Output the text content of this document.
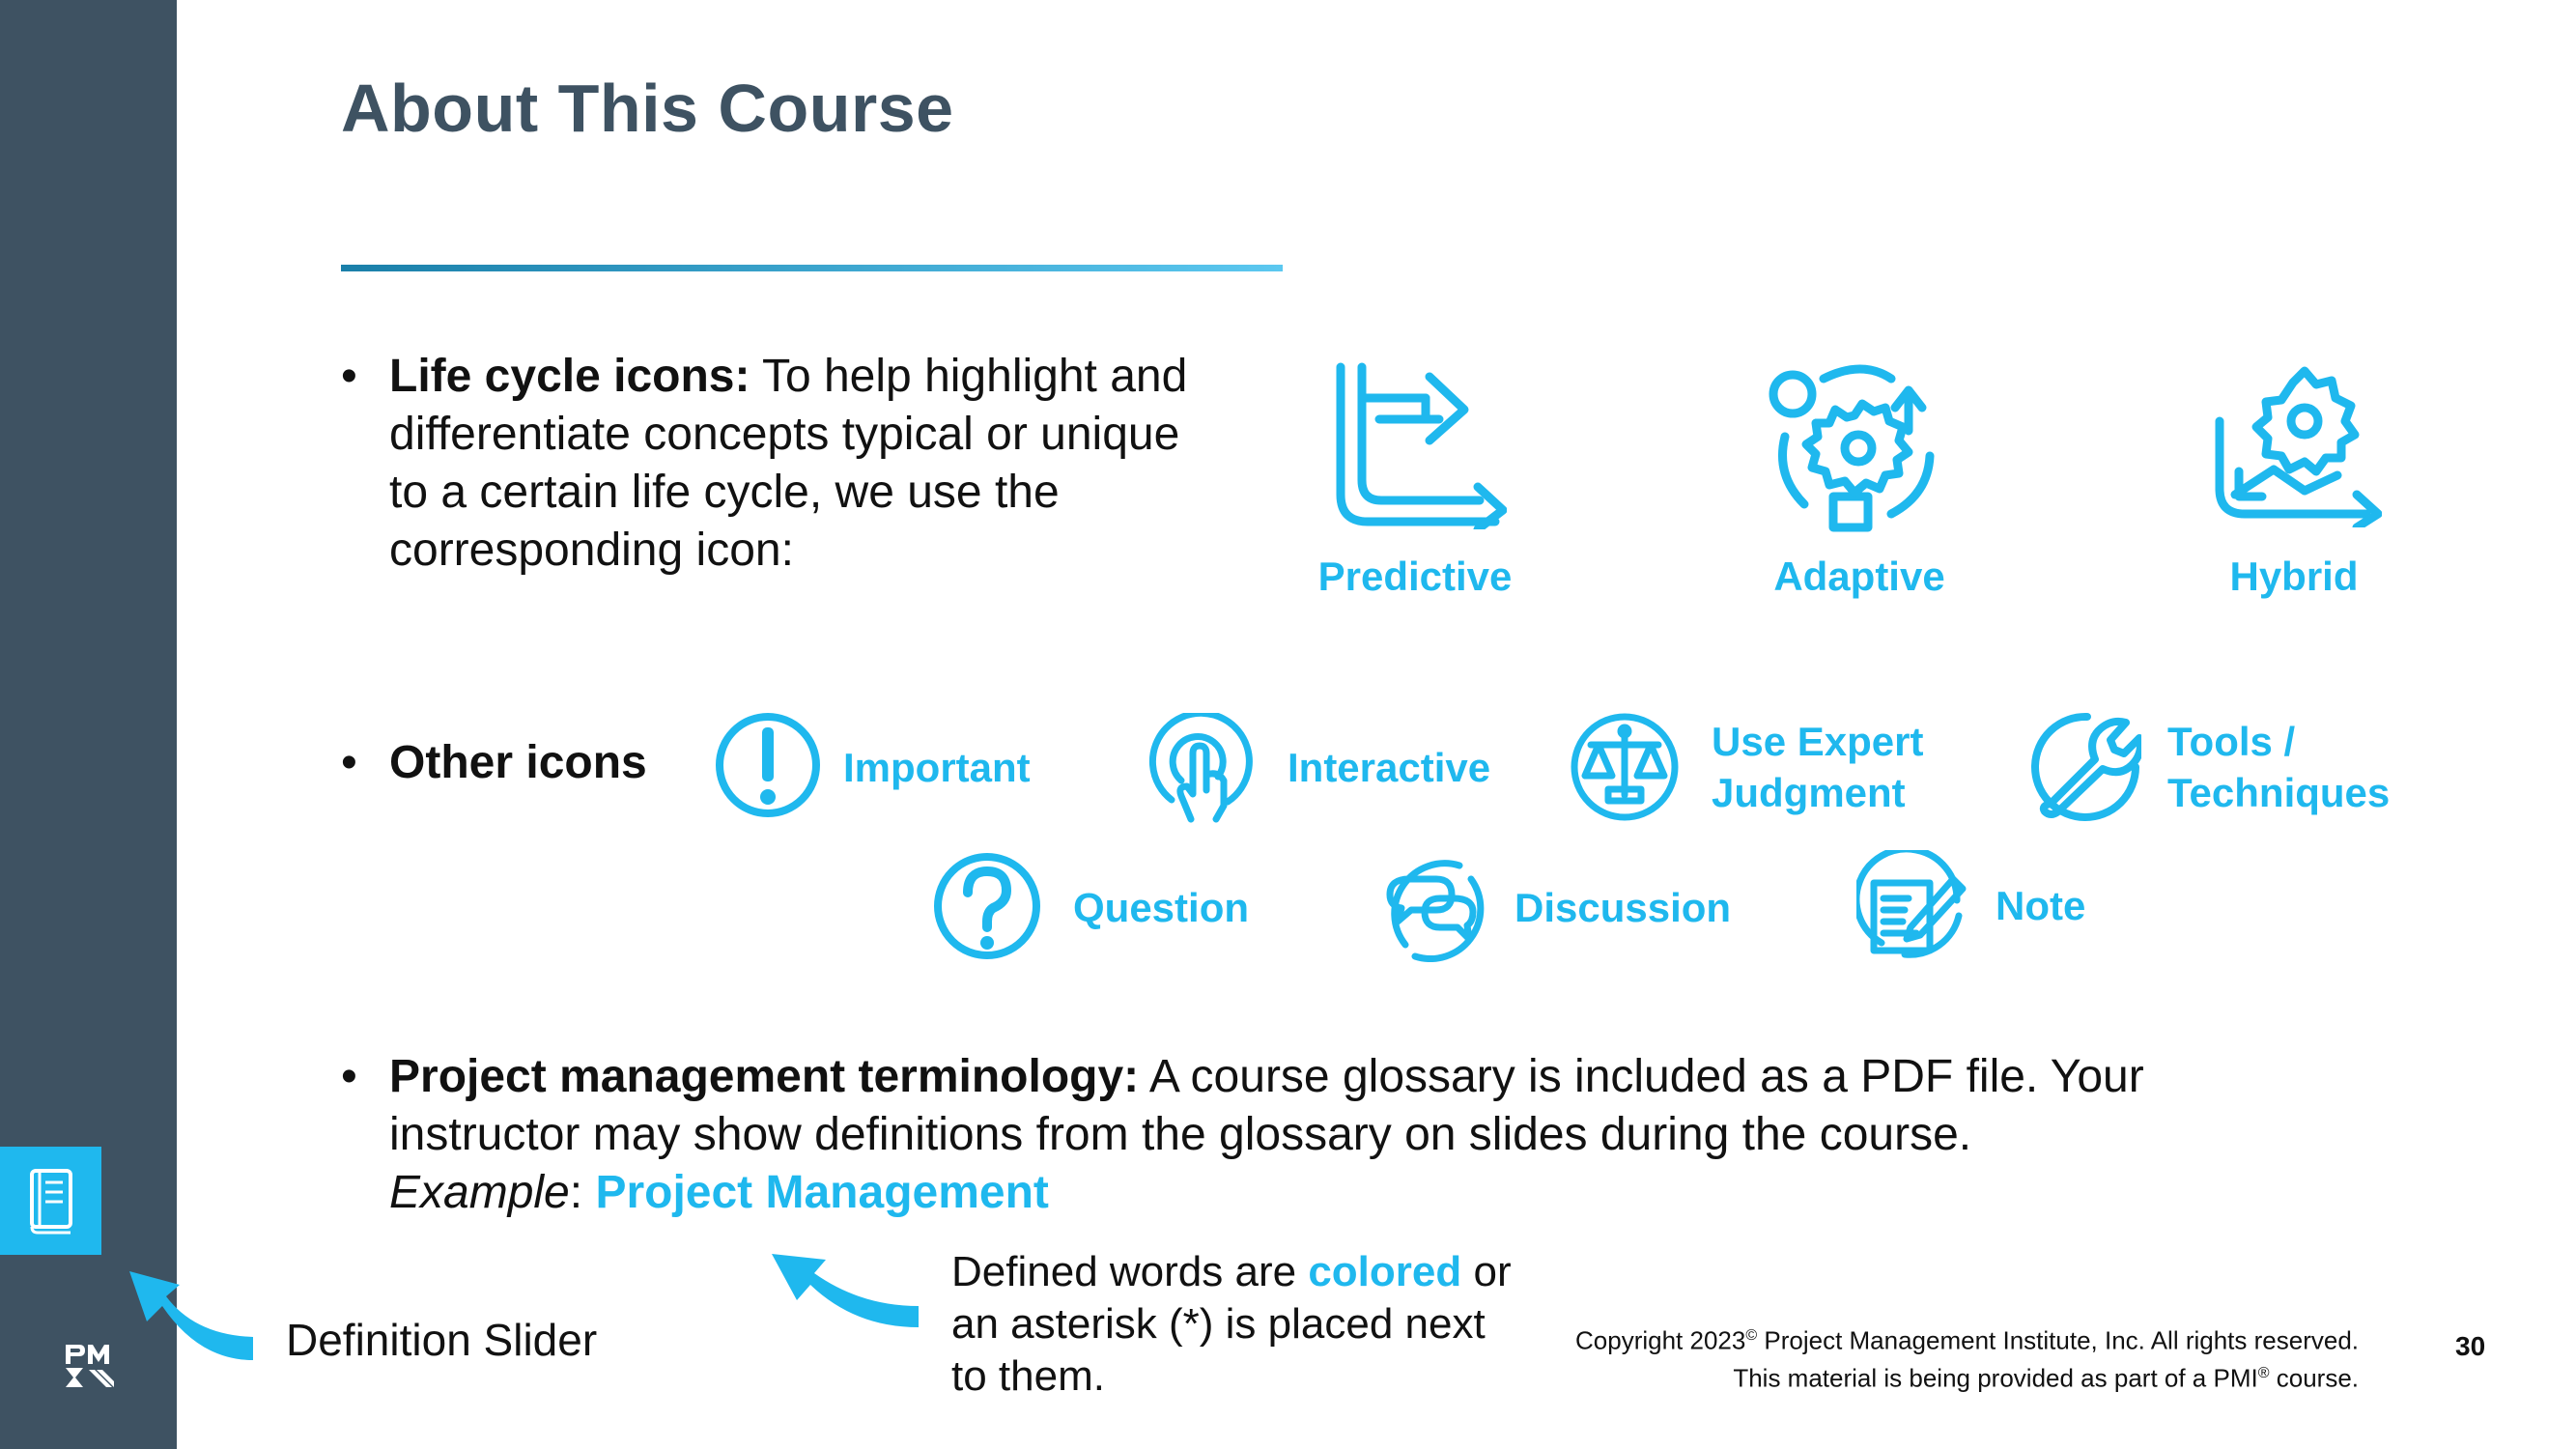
About This Course
• Life cycle icons: To help highlight and differentiate concepts typical or unique to a certain life cycle, we use the corresponding icon:
Predictive	Adaptive	Hybrid
• Other icons	Important	Interactive
Use Expert Judgment
Tools / Techniques
Question	Discussion	Note
• Project management terminology: A course glossary is included as a PDF file. Your instructor may show definitions from the glossary on slides during the course.
Example: Project Management
Definition Slider
Defined words are colored or
an asterisk (*) is placed next
to them.
Copyright 2023© Project Management Institute, Inc. All rights reserved.
This material is being provided as part of a PMI® course.
30
